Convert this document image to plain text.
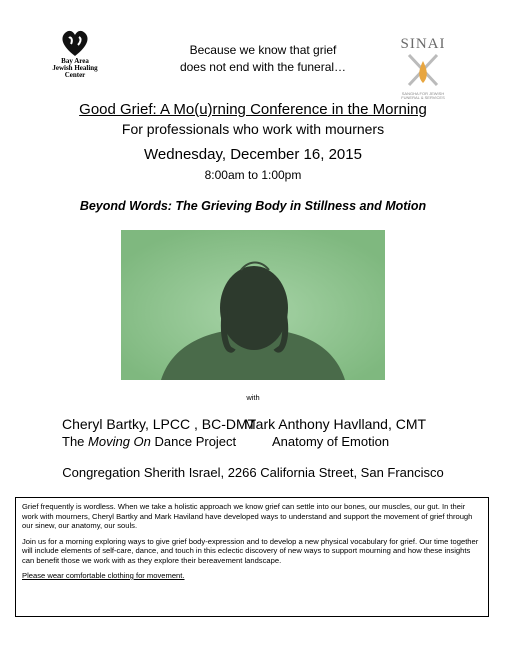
Bay Area
Jewish Healing
Center
Because we know that grief
does not end with the funeral…
SINAI
SANGHA FOR JEWISH FUNERAL & SERVICES
Good Grief: A Mo(u)rning Conference in the Morning
For professionals who work with mourners
Wednesday, December 16, 2015
8:00am to 1:00pm
Beyond Words: The Grieving Body in Stillness and Motion
with
Cheryl Bartky, LPCC , BC-DMT
The Moving On Dance Project
Mark Anthony Havlland, CMT
Anatomy of Emotion
Congregation Sherith Israel, 2266 California Street, San Francisco

Grief frequently is wordless. When we take a holistic approach we know grief can settle into our bones, our muscles, our gut. In their work with mourners, Cheryl Bartky and Mark Haviland have developed ways to understand and support the movement of grief through our sinew, our anatomy, our souls.

Join us for a morning exploring ways to give grief body-expression and to develop a new physical vocabulary for grief. Our time together will include elements of self-care, dance, and touch in this eclectic discovery of new ways to support mourning and how these insights can benefit those we work with as they explore their bereavement landscape.

Please wear comfortable clothing for movement.
